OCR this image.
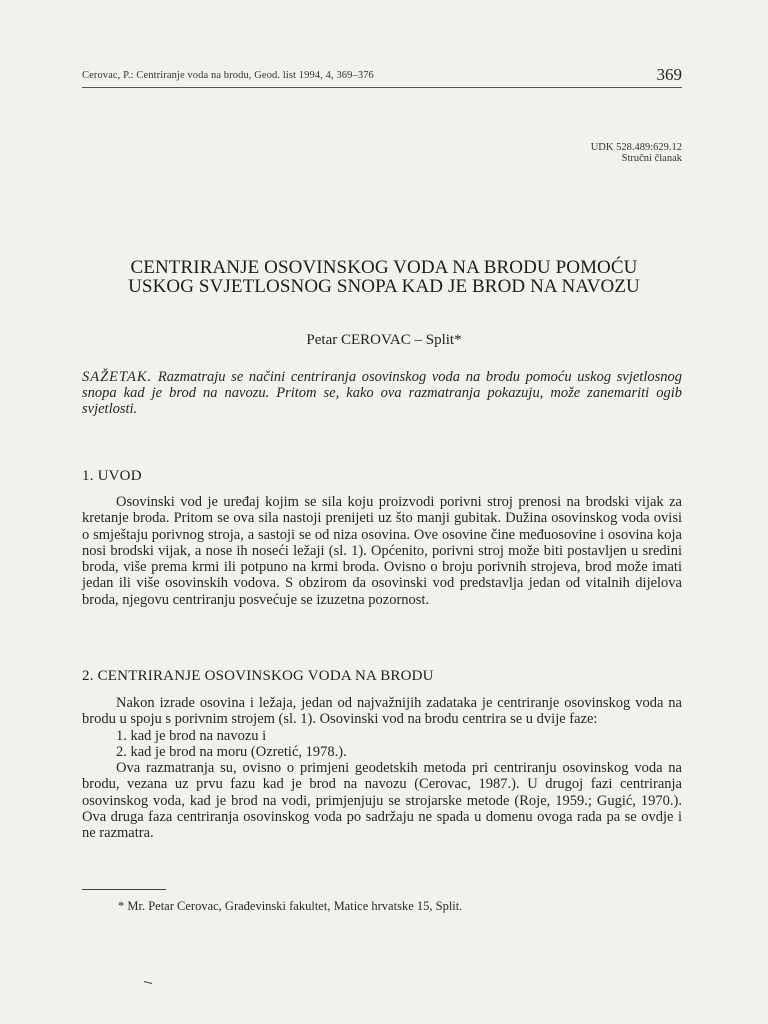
Cerovac, P.: Centriranje voda na brodu, Geod. list 1994, 4, 369–376	369
UDK 528.489:629.12
Stručni članak
CENTRIRANJE OSOVINSKOG VODA NA BRODU POMOĆU
USKOG SVJETLOSNOG SNOPA KAD JE BROD NA NAVOZU
Petar CEROVAC – Split*
SAŽETAK. Razmatraju se načini centriranja osovinskog voda na brodu pomoću uskog svjetlosnog snopa kad je brod na navozu. Pritom se, kako ova razmatranja pokazuju, može zanemariti ogib svjetlosti.
1. UVOD

Osovinski vod je uređaj kojim se sila koju proizvodi porivni stroj prenosi na brodski vijak za kretanje broda. Pritom se ova sila nastoji prenijeti uz što manji gubitak. Dužina osovinskog voda ovisi o smještaju porivnog stroja, a sastoji se od niza osovina. Ove osovine čine međuosovine i osovina koja nosi brodski vijak, a nose ih noseći ležaji (sl. 1). Općenito, porivni stroj može biti postavljen u sredini broda, više prema krmi ili potpuno na krmi broda. Ovisno o broju porivnih strojeva, brod može imati jedan ili više osovinskih vodova. S obzirom da osovinski vod predstavlja jedan od vitalnih dijelova broda, njegovu centriranju posvećuje se izuzetna pozornost.

2. CENTRIRANJE OSOVINSKOG VODA NA BRODU

Nakon izrade osovina i ležaja, jedan od najvažnijih zadataka je centriranje osovinskog voda na brodu u spoju s porivnim strojem (sl. 1). Osovinski vod na brodu centrira se u dvije faze:

1. kad je brod na navozu i

2. kad je brod na moru (Ozretić, 1978.).

Ova razmatranja su, ovisno o primjeni geodetskih metoda pri centriranju osovinskog voda na brodu, vezana uz prvu fazu kad je brod na navozu (Cerovac, 1987.). U drugoj fazi centriranja osovinskog voda, kad je brod na vodi, primjenjuju se strojarske metode (Roje, 1959.; Gugić, 1970.). Ova druga faza centriranja osovinskog voda po sadržaju ne spada u domenu ovoga rada pa se ovdje i ne razmatra.

* Mr. Petar Cerovac, Građevinski fakultet, Matice hrvatske 15, Split.
